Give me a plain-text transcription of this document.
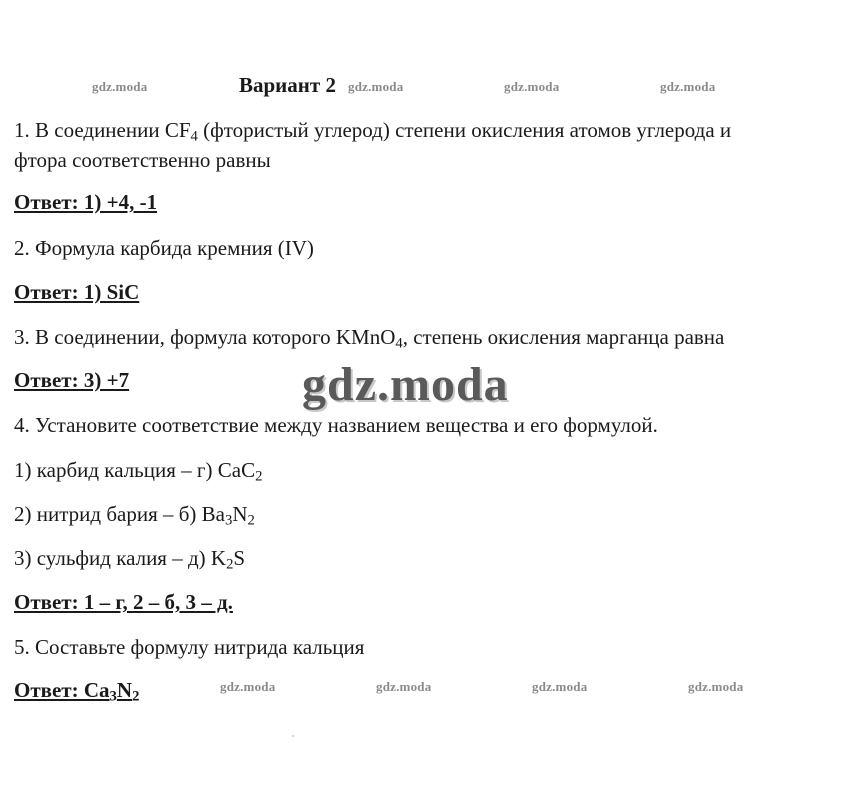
gdz.moda	gdz.moda	gdz.moda	gdz.moda
gdz.moda
gdz.moda	gdz.moda	gdz.moda	gdz.moda
Вариант 2
1. В соединении $CF_4$ (фтористый углерод) степени окисления атомов углерода и
фтора соответственно равны
Ответ: 1) +4, -1
2. Формула карбида кремния (IV)
Ответ: 1) SiC
3. В соединении, формула которого KMnO$_4$, степень окисления марганца равна
Ответ: 3) +7
4. Установите соответствие между названием вещества и его формулой.
1) карбид кальция – г) CaC$_2$
2) нитрид бария – б) $Ba_3N_2$
3) сульфид калия – д) $K_2S$
Ответ: 1 – г, 2 – б, 3 – д.
5. Составьте формулу нитрида кальция
Ответ: $Ca_3N_2$
